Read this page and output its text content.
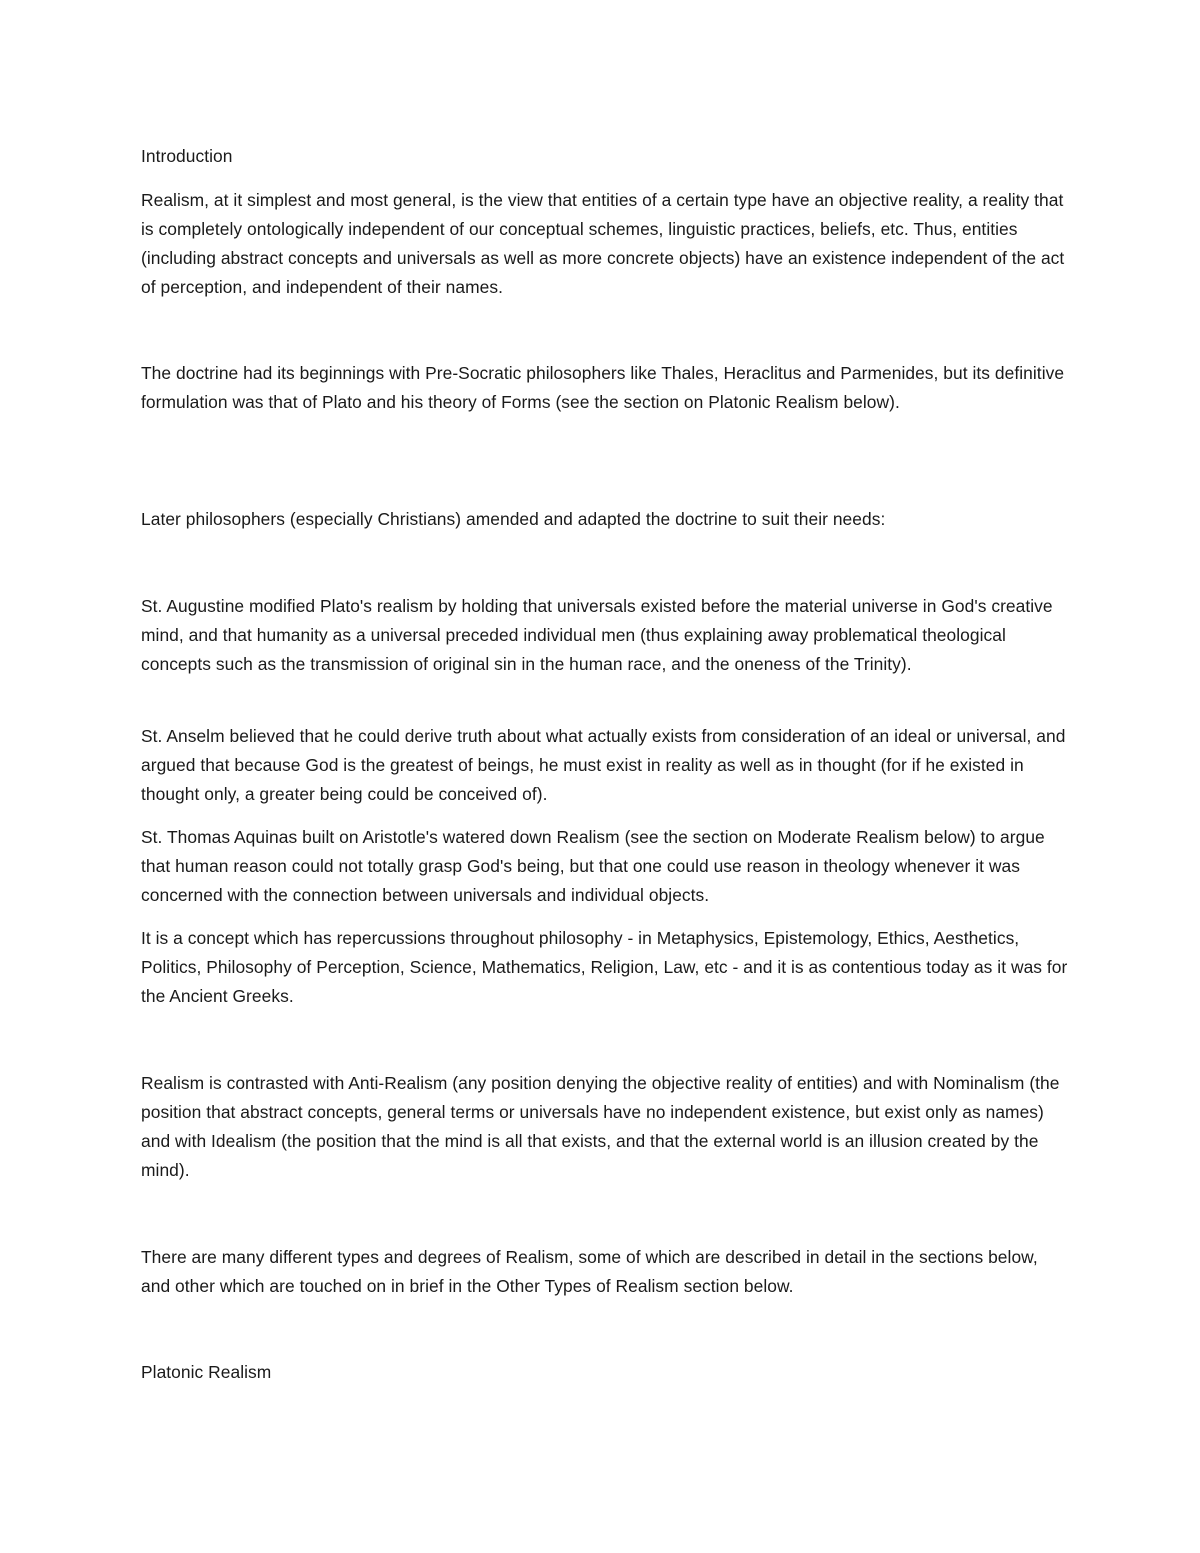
Introduction

Realism, at it simplest and most general, is the view that entities of a certain type have an objective reality, a reality that is completely ontologically independent of our conceptual schemes, linguistic practices, beliefs, etc. Thus, entities (including abstract concepts and universals as well as more concrete objects) have an existence independent of the act of perception, and independent of their names.

The doctrine had its beginnings with Pre-Socratic philosophers like Thales, Heraclitus and Parmenides, but its definitive formulation was that of Plato and his theory of Forms (see the section on Platonic Realism below).

Later philosophers (especially Christians) amended and adapted the doctrine to suit their needs:

St. Augustine modified Plato's realism by holding that universals existed before the material universe in God's creative mind, and that humanity as a universal preceded individual men (thus explaining away problematical theological concepts such as the transmission of original sin in the human race, and the oneness of the Trinity).

St. Anselm believed that he could derive truth about what actually exists from consideration of an ideal or universal, and argued that because God is the greatest of beings, he must exist in reality as well as in thought (for if he existed in thought only, a greater being could be conceived of).

St. Thomas Aquinas built on Aristotle's watered down Realism (see the section on Moderate Realism below) to argue that human reason could not totally grasp God's being, but that one could use reason in theology whenever it was concerned with the connection between universals and individual objects.

It is a concept which has repercussions throughout philosophy - in Metaphysics, Epistemology, Ethics, Aesthetics, Politics, Philosophy of Perception, Science, Mathematics, Religion, Law, etc - and it is as contentious today as it was for the Ancient Greeks.

Realism is contrasted with Anti-Realism (any position denying the objective reality of entities) and with Nominalism (the position that abstract concepts, general terms or universals have no independent existence, but exist only as names) and with Idealism (the position that the mind is all that exists, and that the external world is an illusion created by the mind).

There are many different types and degrees of Realism, some of which are described in detail in the sections below, and other which are touched on in brief in the Other Types of Realism section below.

Platonic Realism
